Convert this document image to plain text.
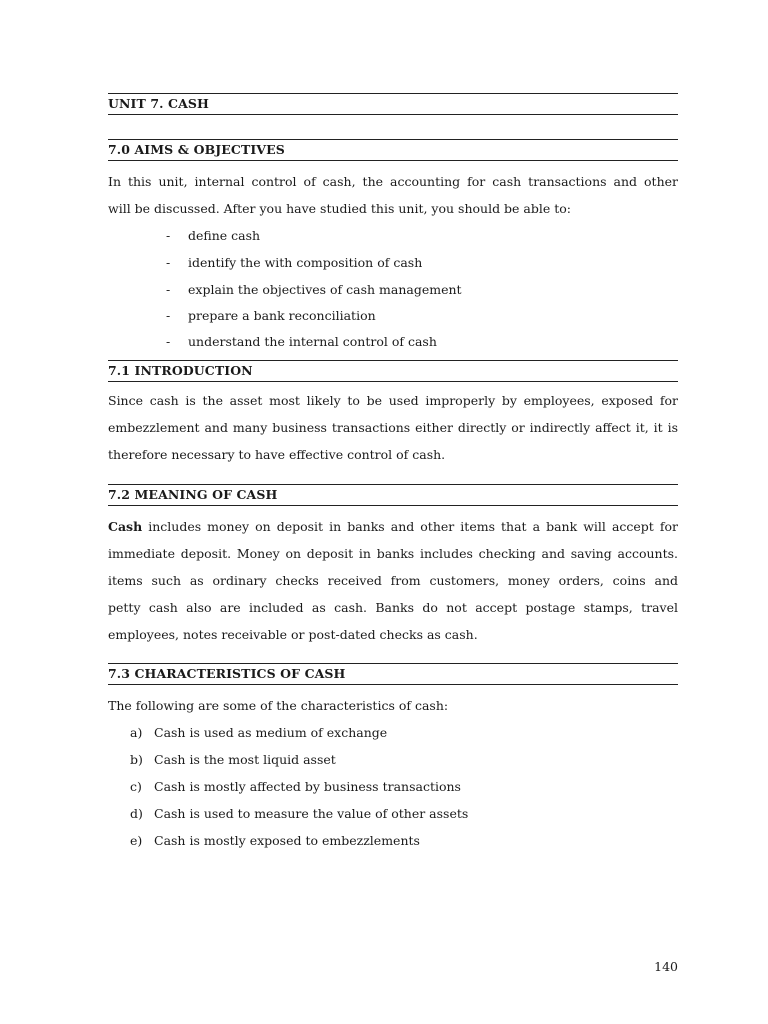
UNIT 7. CASH
7.0 AIMS & OBJECTIVES
In this unit, internal control of cash, the accounting for cash transactions and other
will be discussed. After you have studied this unit, you should be able to:
- define cash
- identify the with composition of cash
- explain the objectives of cash management
- prepare a bank reconciliation
- understand the internal control of cash
7.1 INTRODUCTION
Since cash is the asset most likely to be used improperly by employees, exposed for
embezzlement and many business transactions either directly or indirectly affect it, it is
therefore necessary to have effective control of cash.
7.2 MEANING OF CASH
Cash includes money on deposit in banks and other items that a bank will accept for
immediate deposit. Money on deposit in banks includes checking and saving accounts.
items such as ordinary checks received from customers, money orders, coins and
petty cash also are included as cash. Banks do not accept postage stamps, travel
employees, notes receivable or post-dated checks as cash.
7.3 CHARACTERISTICS OF CASH
The following are some of the characteristics of cash:
a) Cash is used as medium of exchange
b) Cash is the most liquid asset
c) Cash is mostly affected by business transactions
d) Cash is used to measure the value of other assets
e) Cash is mostly exposed to embezzlements
140
